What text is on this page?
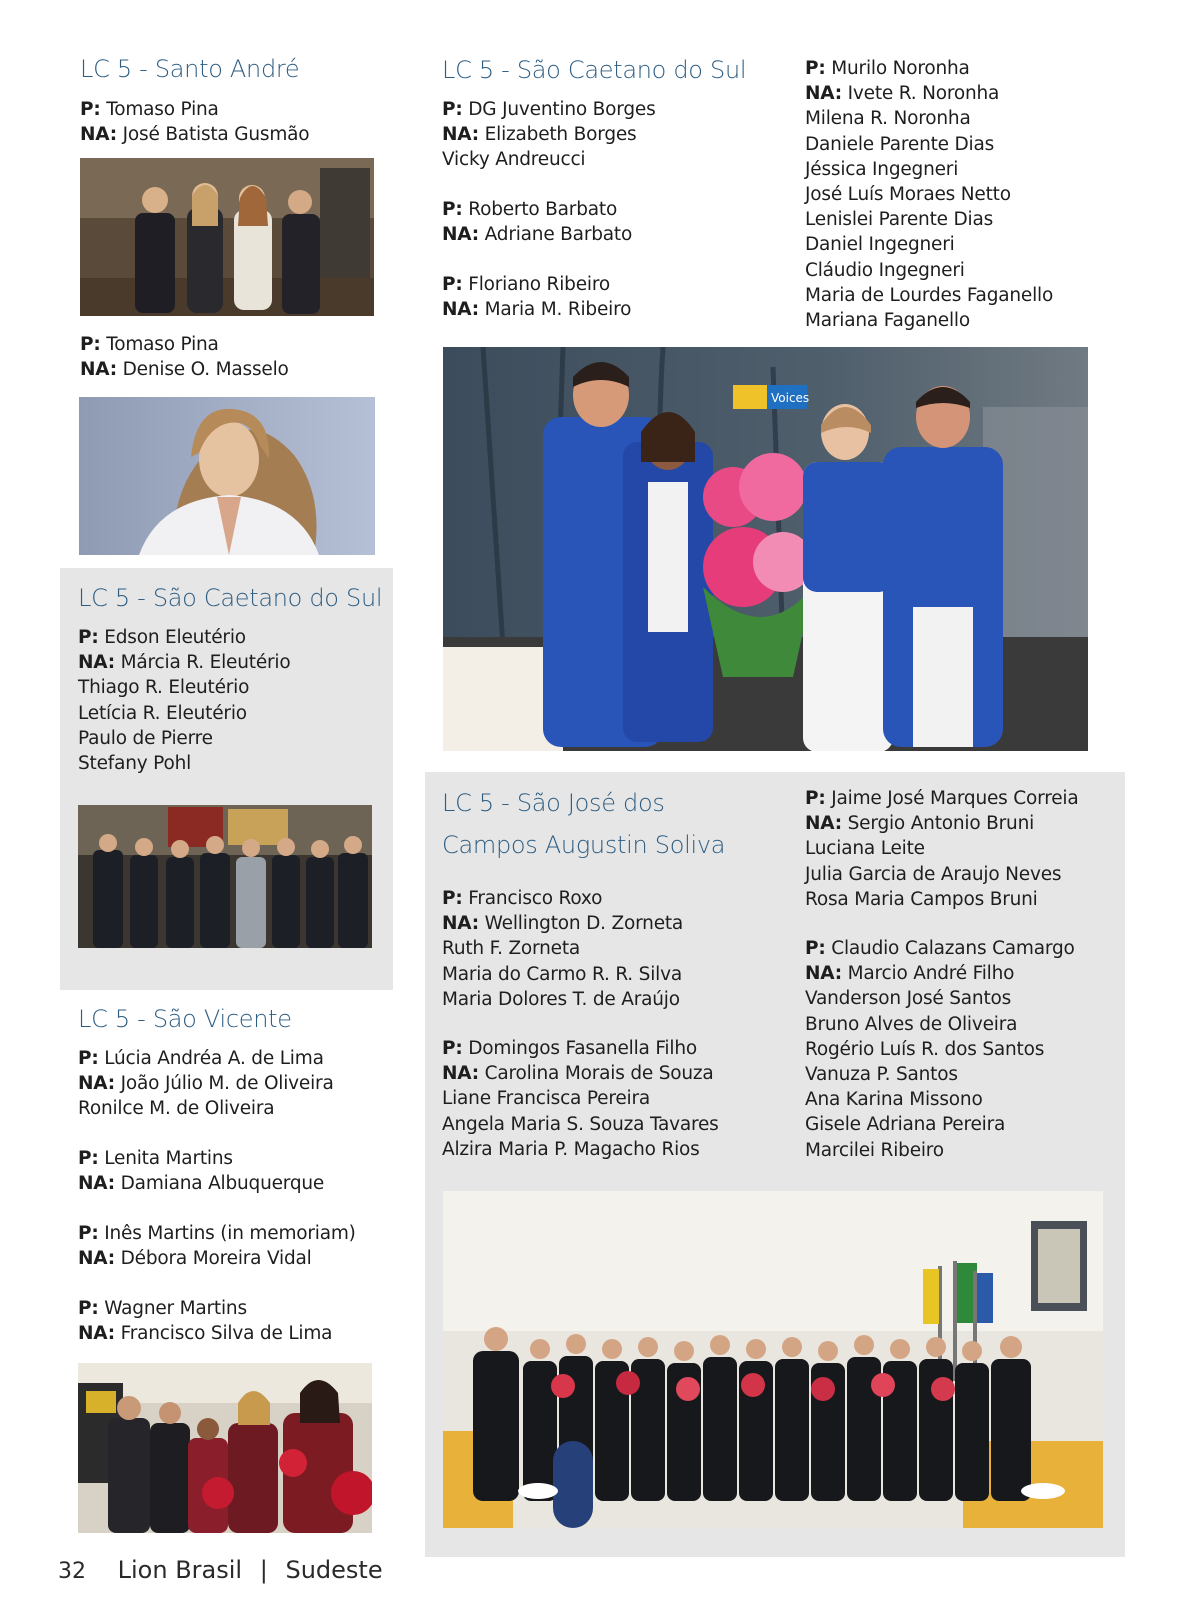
LC 5 - Santo André
P: Tomaso Pina
NA: José Batista Gusmão
P: Tomaso Pina
NA: Denise O. Masselo
LC 5 - São Caetano do Sul
P: Edson Eleutério
NA: Márcia R. Eleutério
Thiago R. Eleutério
Letícia R. Eleutério
Paulo de Pierre
Stefany Pohl
LC 5 - São Vicente
P: Lúcia Andréa A. de Lima
NA: João Júlio M. de Oliveira
Ronilce M. de Oliveira
P: Lenita Martins
NA: Damiana Albuquerque
P: Inês Martins (in memoriam)
NA: Débora Moreira Vidal
P: Wagner Martins
NA: Francisco Silva de Lima
LC 5 - São Caetano do Sul
P: DG Juventino Borges
NA: Elizabeth Borges
Vicky Andreucci
P: Roberto Barbato
NA: Adriane Barbato
P: Floriano Ribeiro
NA: Maria M. Ribeiro
P: Murilo Noronha
NA: Ivete R. Noronha
Milena R. Noronha
Daniele Parente Dias
Jéssica Ingegneri
José Luís Moraes Netto
Lenislei Parente Dias
Daniel Ingegneri
Cláudio Ingegneri
Maria de Lourdes Faganello
Mariana Faganello
Voices
LC 5 - São José dos
Campos Augustin Soliva
P: Francisco Roxo
NA: Wellington D. Zorneta
Ruth F. Zorneta
Maria do Carmo R. R. Silva
Maria Dolores T. de Araújo
P: Domingos Fasanella Filho
NA: Carolina Morais de Souza
Liane Francisca Pereira
Angela Maria S. Souza Tavares
Alzira Maria P. Magacho Rios
P: Jaime José Marques Correia
NA: Sergio Antonio Bruni
Luciana Leite
Julia Garcia de Araujo Neves
Rosa Maria Campos Bruni
P: Claudio Calazans Camargo
NA: Marcio André Filho
Vanderson José Santos
Bruno Alves de Oliveira
Rogério Luís R. dos Santos
Vanuza P. Santos
Ana Karina Missono
Gisele Adriana Pereira
Marcilei Ribeiro
32 Lion Brasil | Sudeste
